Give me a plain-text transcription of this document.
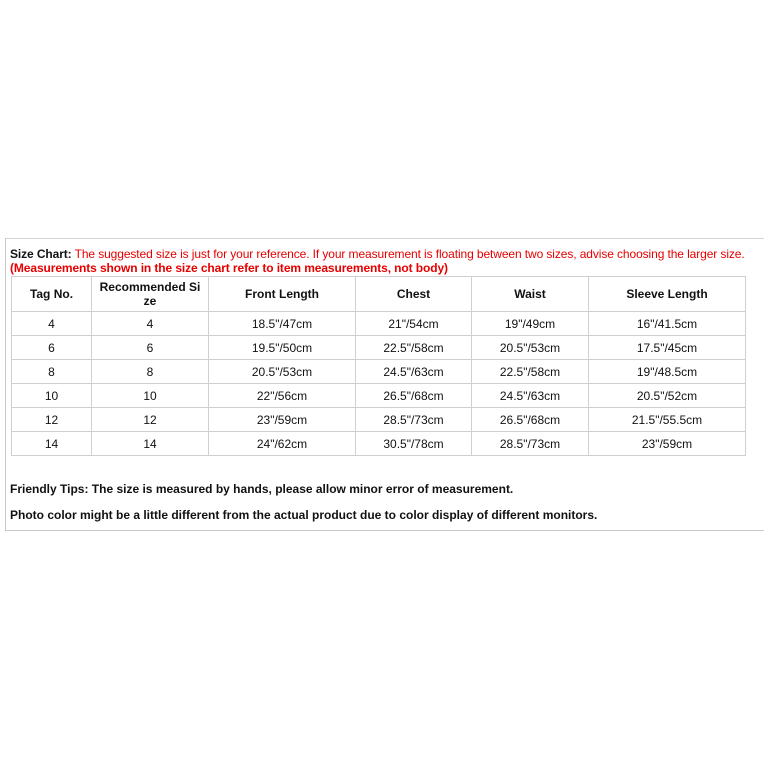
Size Chart: The suggested size is just for your reference. If your measurement is floating between two sizes, advise choosing the larger size. (Measurements shown in the size chart refer to item measurements, not body)
Tag No.	Recommended Si ze	Front Length	Chest	Waist	Sleeve Length
4	4	18.5"/47cm	21"/54cm	19"/49cm	16"/41.5cm
6	6	19.5"/50cm	22.5"/58cm	20.5"/53cm	17.5"/45cm
8	8	20.5"/53cm	24.5"/63cm	22.5"/58cm	19"/48.5cm
10	10	22"/56cm	26.5"/68cm	24.5"/63cm	20.5"/52cm
12	12	23"/59cm	28.5"/73cm	26.5"/68cm	21.5"/55.5cm
14	14	24"/62cm	30.5"/78cm	28.5"/73cm	23"/59cm
Friendly Tips: The size is measured by hands, please allow minor error of measurement.
Photo color might be a little different from the actual product due to color display of different monitors.
